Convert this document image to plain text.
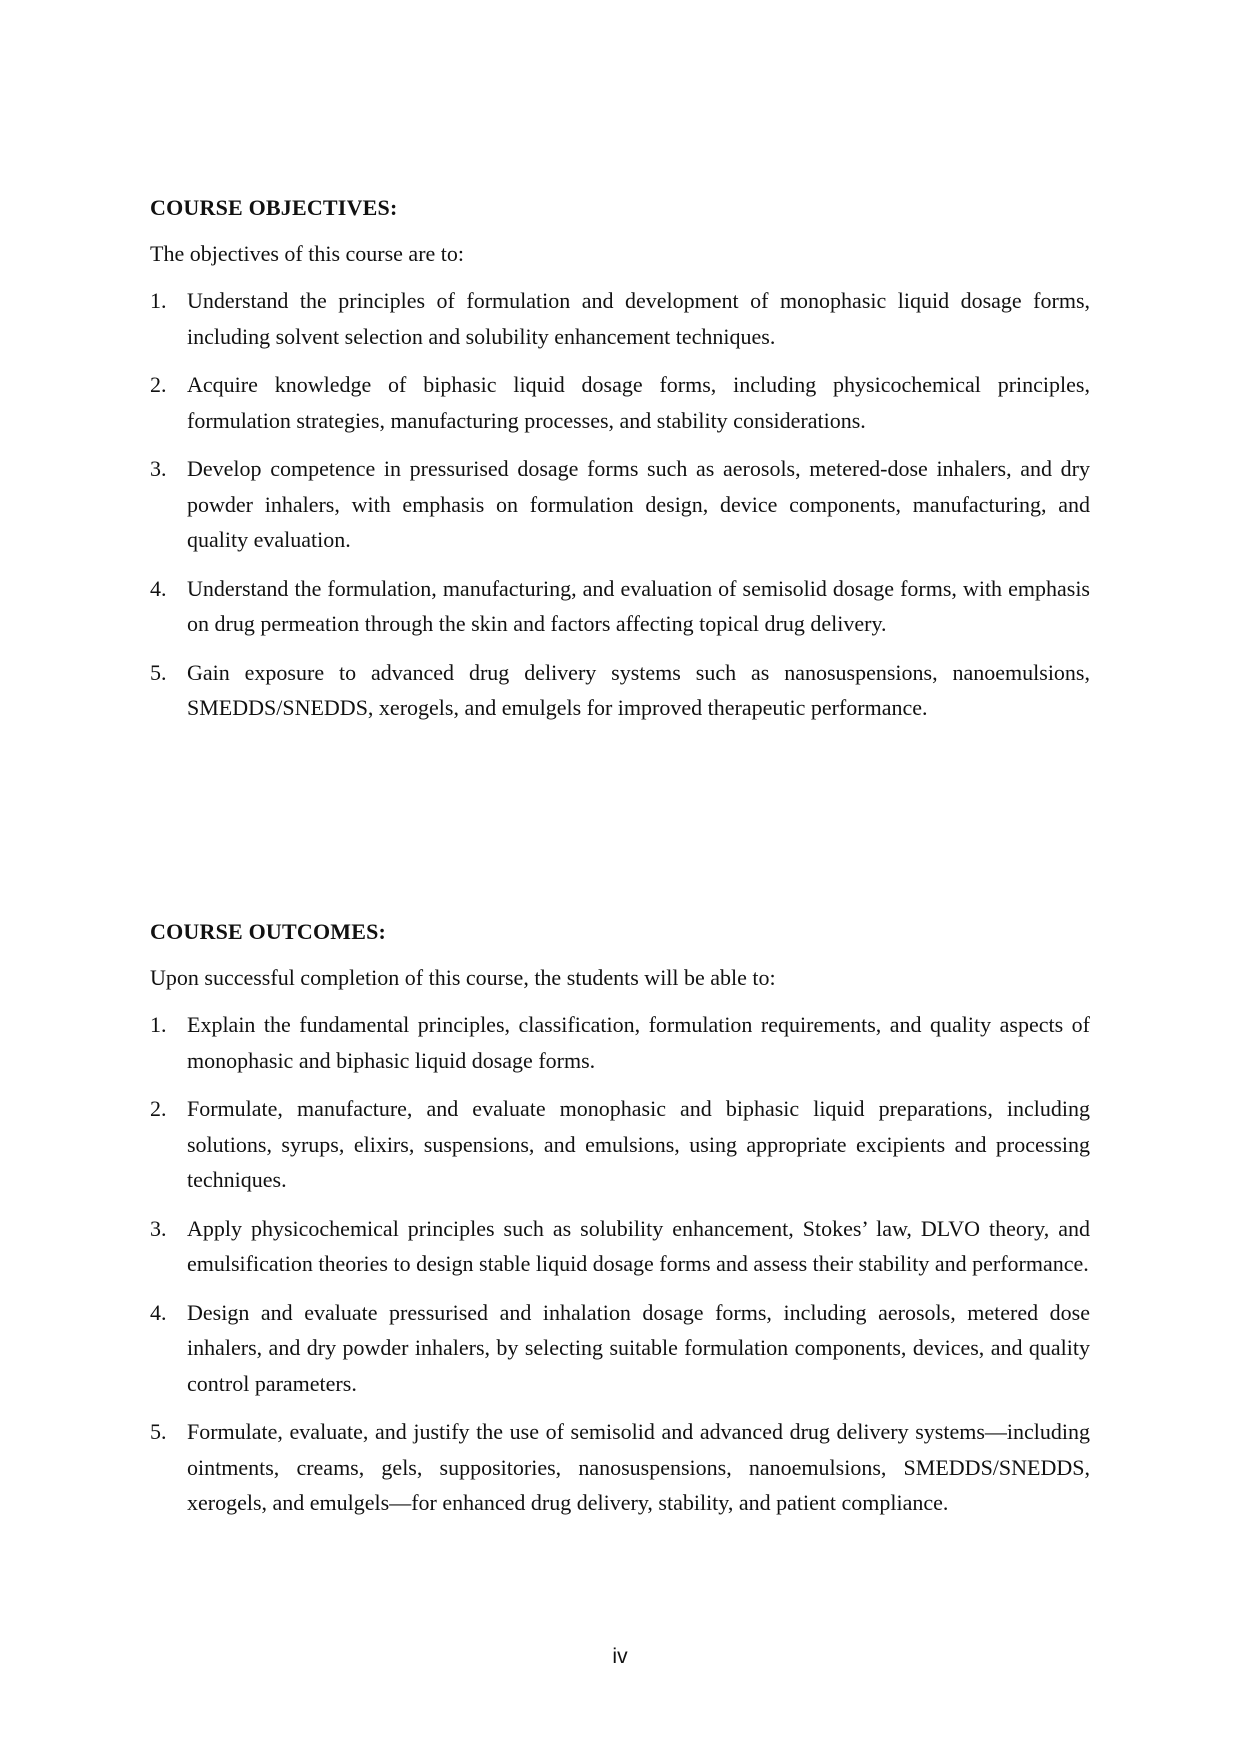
COURSE OBJECTIVES:
The objectives of this course are to:
1. Understand the principles of formulation and development of monophasic liquid dosage forms, including solvent selection and solubility enhancement techniques.
2. Acquire knowledge of biphasic liquid dosage forms, including physicochemical principles, formulation strategies, manufacturing processes, and stability considerations.
3. Develop competence in pressurised dosage forms such as aerosols, metered-dose inhalers, and dry powder inhalers, with emphasis on formulation design, device components, manufacturing, and quality evaluation.
4. Understand the formulation, manufacturing, and evaluation of semisolid dosage forms, with emphasis on drug permeation through the skin and factors affecting topical drug delivery.
5. Gain exposure to advanced drug delivery systems such as nanosuspensions, nanoemulsions, SMEDDS/SNEDDS, xerogels, and emulgels for improved therapeutic performance.
COURSE OUTCOMES:
Upon successful completion of this course, the students will be able to:
1. Explain the fundamental principles, classification, formulation requirements, and quality aspects of monophasic and biphasic liquid dosage forms.
2. Formulate, manufacture, and evaluate monophasic and biphasic liquid preparations, including solutions, syrups, elixirs, suspensions, and emulsions, using appropriate excipients and processing techniques.
3. Apply physicochemical principles such as solubility enhancement, Stokes’ law, DLVO theory, and emulsification theories to design stable liquid dosage forms and assess their stability and performance.
4. Design and evaluate pressurised and inhalation dosage forms, including aerosols, metered dose inhalers, and dry powder inhalers, by selecting suitable formulation components, devices, and quality control parameters.
5. Formulate, evaluate, and justify the use of semisolid and advanced drug delivery systems—including ointments, creams, gels, suppositories, nanosuspensions, nanoemulsions, SMEDDS/SNEDDS, xerogels, and emulgels—for enhanced drug delivery, stability, and patient compliance.
iv
